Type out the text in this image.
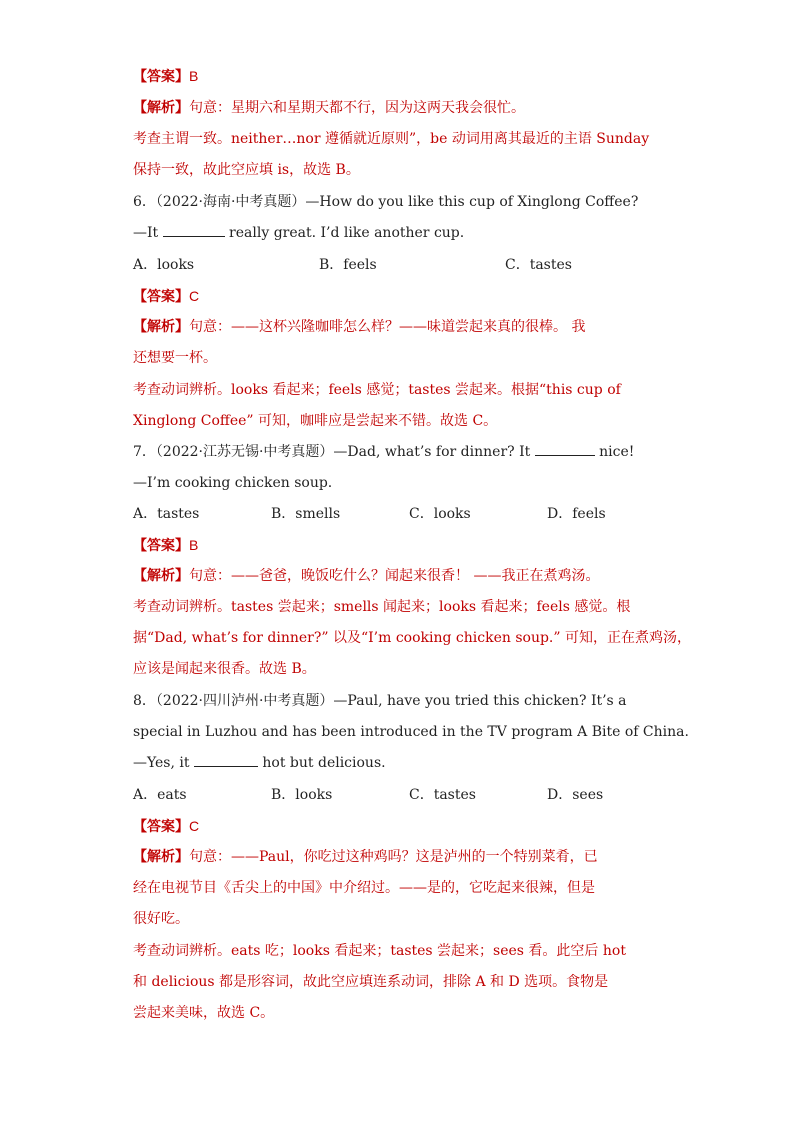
【答案】B
【解析】句意：星期六和星期天都不行，因为这两天我会很忙。
考查主谓一致。neither…nor 遵循就近原则”，be 动词用离其最近的主语 Sunday
保持一致，故此空应填 is，故选 B。
6．（2022·海南·中考真题）—How do you like this cup of Xinglong Coffee?
—It	really great. I’d like another cup.
A．looks	B．feels	C．tastes
【答案】C
【解析】句意：——这杯兴隆咖啡怎么样？——味道尝起来真的很棒。 我
还想要一杯。
考查动词辨析。looks 看起来；feels 感觉；tastes 尝起来。根据“this cup of
Xinglong Coffee” 可知，咖啡应是尝起来不错。故选 C。
7．（2022·江苏无锡·中考真题）—Dad, what’s for dinner? It	nice!
—I’m cooking chicken soup.
A．tastes	B．smells	C．looks	D．feels
【答案】B
【解析】句意：——爸爸，晚饭吃什么？闻起来很香！ ——我正在煮鸡汤。
考查动词辨析。tastes 尝起来；smells 闻起来；looks 看起来；feels 感觉。根
据“Dad, what’s for dinner?” 以及“I’m cooking chicken soup.” 可知，正在煮鸡汤，
应该是闻起来很香。故选 B。
8．（2022·四川泸州·中考真题）—Paul, have you tried this chicken? It’s a
special in Luzhou and has been introduced in the TV program A Bite of China.
—Yes, it	hot but delicious.
A．eats	B．looks	C．tastes	D．sees
【答案】C
【解析】句意：——Paul，你吃过这种鸡吗？这是泸州的一个特别菜肴，已
经在电视节目《舌尖上的中国》中介绍过。——是的，它吃起来很辣，但是
很好吃。
考查动词辨析。eats 吃；looks 看起来；tastes 尝起来；sees 看。此空后 hot
和 delicious 都是形容词，故此空应填连系动词，排除 A 和 D 选项。食物是
尝起来美味，故选 C。
